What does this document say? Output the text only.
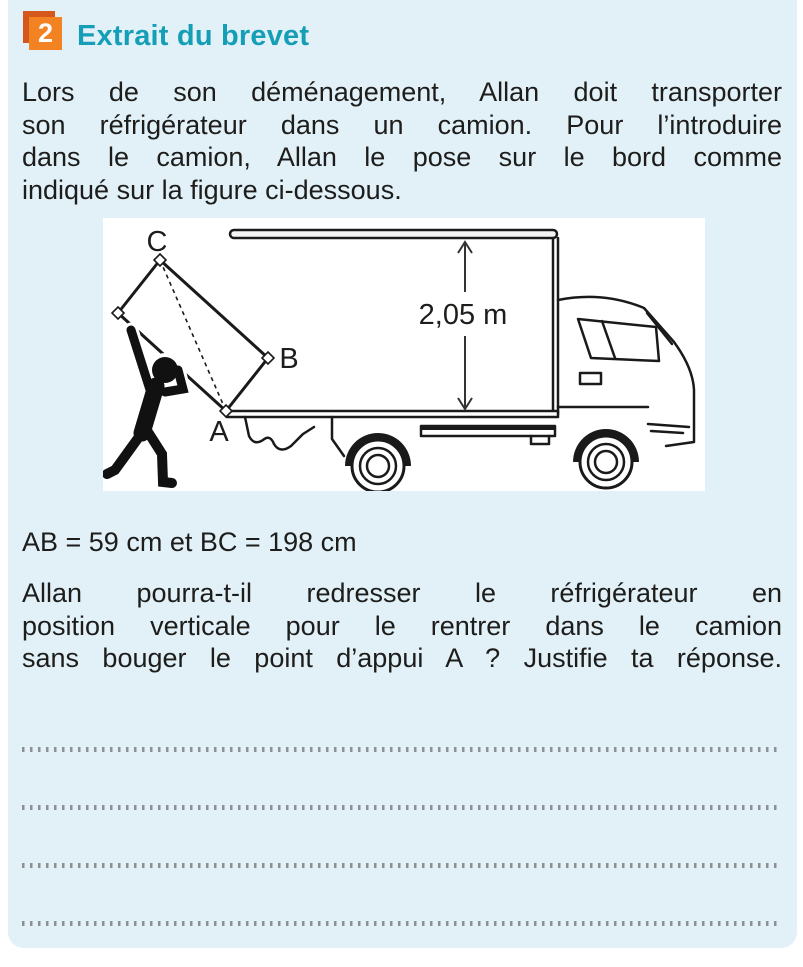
2 Extrait du brevet
Lors de son déménagement, Allan doit transporter
son réfrigérateur dans un camion. Pour l’introduire
dans le camion, Allan le pose sur le bord comme
indiqué sur la figure ci-dessous.
2,05 m
C
A
B
AB = 59 cm et BC = 198 cm
Allan pourra-t-il redresser le réfrigérateur en
position verticale pour le rentrer dans le camion
sans bouger le point d’appui A ? Justifie ta réponse.
